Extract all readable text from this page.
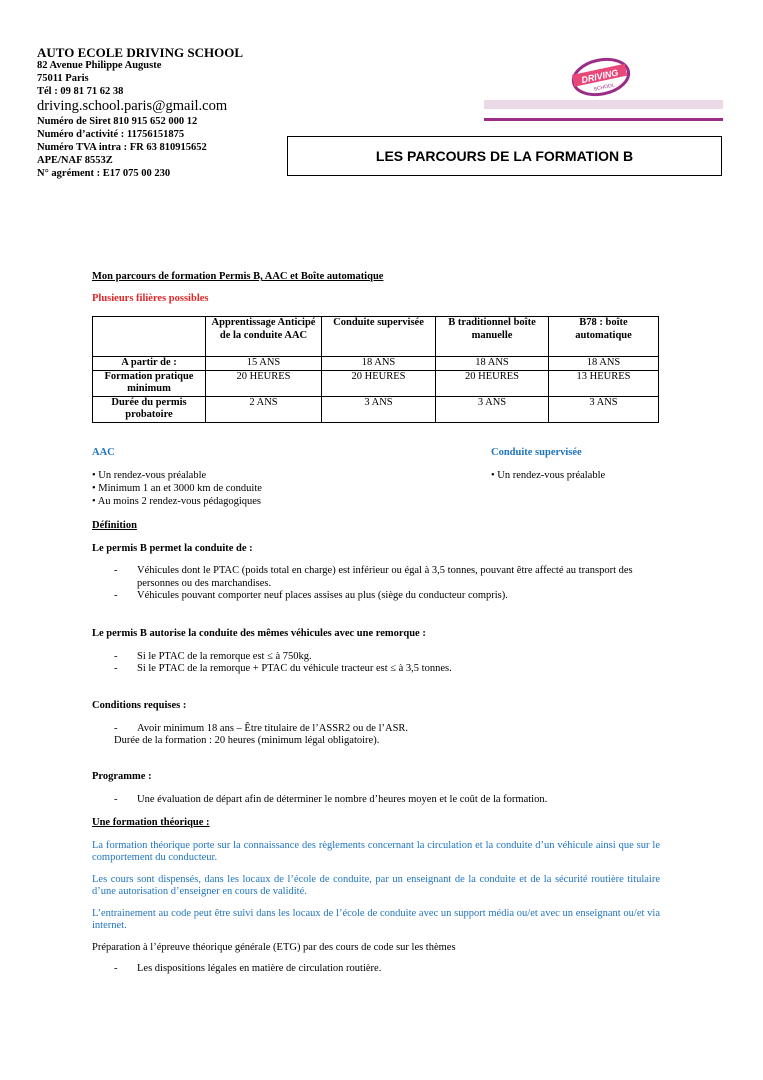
AUTO ECOLE DRIVING SCHOOL
82 Avenue Philippe Auguste
75011 Paris
Tél : 09 81 71 62 38
driving.school.paris@gmail.com
Numéro de Siret 810 915 652 000 12
Numéro d’activité : 11756151875
Numéro TVA intra : FR 63 810915652
APE/NAF 8553Z
N° agrément : E17 075 00 230
DRIVING
SCHOOL
LES PARCOURS DE LA FORMATION B

Mon parcours de formation Permis B, AAC et Boîte automatique

Plusieurs filières possibles

	Apprentissage Anticipé de la conduite AAC	Conduite supervisée	B traditionnel boîte manuelle	B78 : boîte automatique
A partir de :	15 ANS	18 ANS	18 ANS	18 ANS
Formation pratique minimum	20 HEURES	20 HEURES	20 HEURES	13 HEURES
Durée du permis probatoire	2 ANS	3 ANS	3 ANS	3 ANS

AAC

• Un rendez-vous préalable

• Minimum 1 an et 3000 km de conduite

• Au moins 2 rendez-vous pédagogiques

Conduite supervisée

• Un rendez-vous préalable

Définition

Le permis B permet la conduite de :

- Véhicules dont le PTAC (poids total en charge) est inférieur ou égal à 3,5 tonnes, pouvant être affecté au transport des personnes ou des marchandises.

- Véhicules pouvant comporter neuf places assises au plus (siège du conducteur compris).

Le permis B autorise la conduite des mêmes véhicules avec une remorque :

- Si le PTAC de la remorque est ≤ à 750kg.

- Si le PTAC de la remorque + PTAC du véhicule tracteur est ≤ à 3,5 tonnes.

Conditions requises :

- Avoir minimum 18 ans – Être titulaire de l’ASSR2 ou de l’ASR.

Durée de la formation : 20 heures (minimum légal obligatoire).

Programme :

- Une évaluation de départ afin de déterminer le nombre d’heures moyen et le coût de la formation.

Une formation théorique :

La formation théorique porte sur la connaissance des règlements concernant la circulation et la conduite d’un véhicule ainsi que sur le comportement du conducteur.

Les cours sont dispensés, dans les locaux de l’école de conduite, par un enseignant de la conduite et de la sécurité routière titulaire d’une autorisation d’enseigner en cours de validité.

L’entrainement au code peut être suivi dans les locaux de l’école de conduite avec un support média ou/et avec un enseignant ou/et via internet.

Préparation à l’épreuve théorique générale (ETG) par des cours de code sur les thèmes

- Les dispositions légales en matière de circulation routière.
